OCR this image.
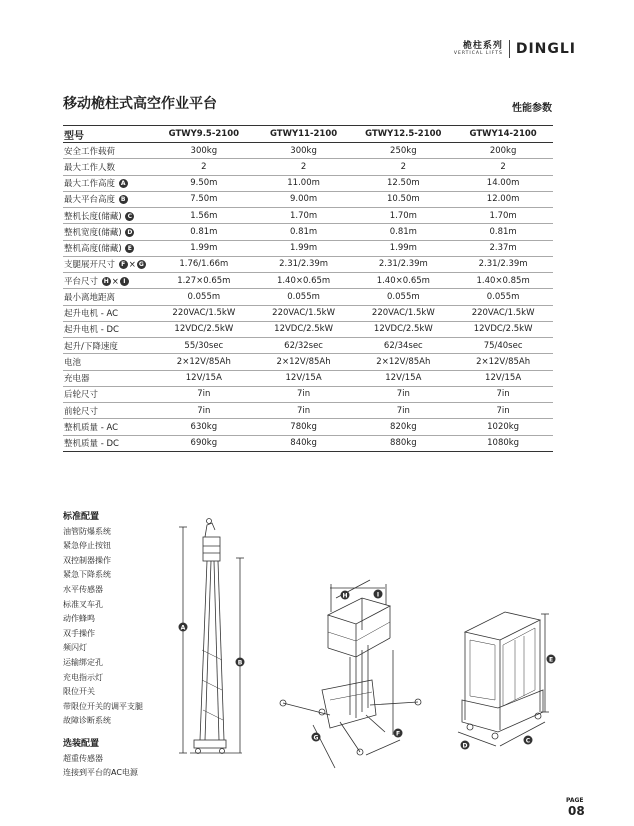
桅柱系列
VERTICAL LIFTS DINGLI
移动桅柱式高空作业平台	性能参数
型号	GTWY9.5-2100	GTWY11-2100	GTWY12.5-2100	GTWY14-2100
安全工作载荷	300kg	300kg	250kg	200kg
最大工作人数	2	2	2	2
最大工作高度 A	9.50m	11.00m	12.50m	14.00m
最大平台高度 B	7.50m	9.00m	10.50m	12.00m
整机长度(储藏) C	1.56m	1.70m	1.70m	1.70m
整机宽度(储藏) D	0.81m	0.81m	0.81m	0.81m
整机高度(储藏) E	1.99m	1.99m	1.99m	2.37m
支腿展开尺寸 F × G	1.76/1.66m	2.31/2.39m	2.31/2.39m	2.31/2.39m
平台尺寸 H × I	1.27×0.65m	1.40×0.65m	1.40×0.65m	1.40×0.85m
最小离地距离	0.055m	0.055m	0.055m	0.055m
起升电机 - AC	220VAC/1.5kW	220VAC/1.5kW	220VAC/1.5kW	220VAC/1.5kW
起升电机 - DC	12VDC/2.5kW	12VDC/2.5kW	12VDC/2.5kW	12VDC/2.5kW
起升/下降速度	55/30sec	62/32sec	62/34sec	75/40sec
电池	2×12V/85Ah	2×12V/85Ah	2×12V/85Ah	2×12V/85Ah
充电器	12V/15A	12V/15A	12V/15A	12V/15A
后轮尺寸	7in	7in	7in	7in
前轮尺寸	7in	7in	7in	7in
整机质量 - AC	630kg	780kg	820kg	1020kg
整机质量 - DC	690kg	840kg	880kg	1080kg
标准配置
油管防爆系统
紧急停止按钮
双控制器操作
紧急下降系统
水平传感器
标准叉车孔
动作蜂鸣
双手操作
频闪灯
运输绑定孔
充电指示灯
限位开关
带限位开关的调平支腿
故障诊断系统
选装配置
超重传感器
连接到平台的AC电源
A
B
H	I
G
F
E
D
C
PAGE
08
